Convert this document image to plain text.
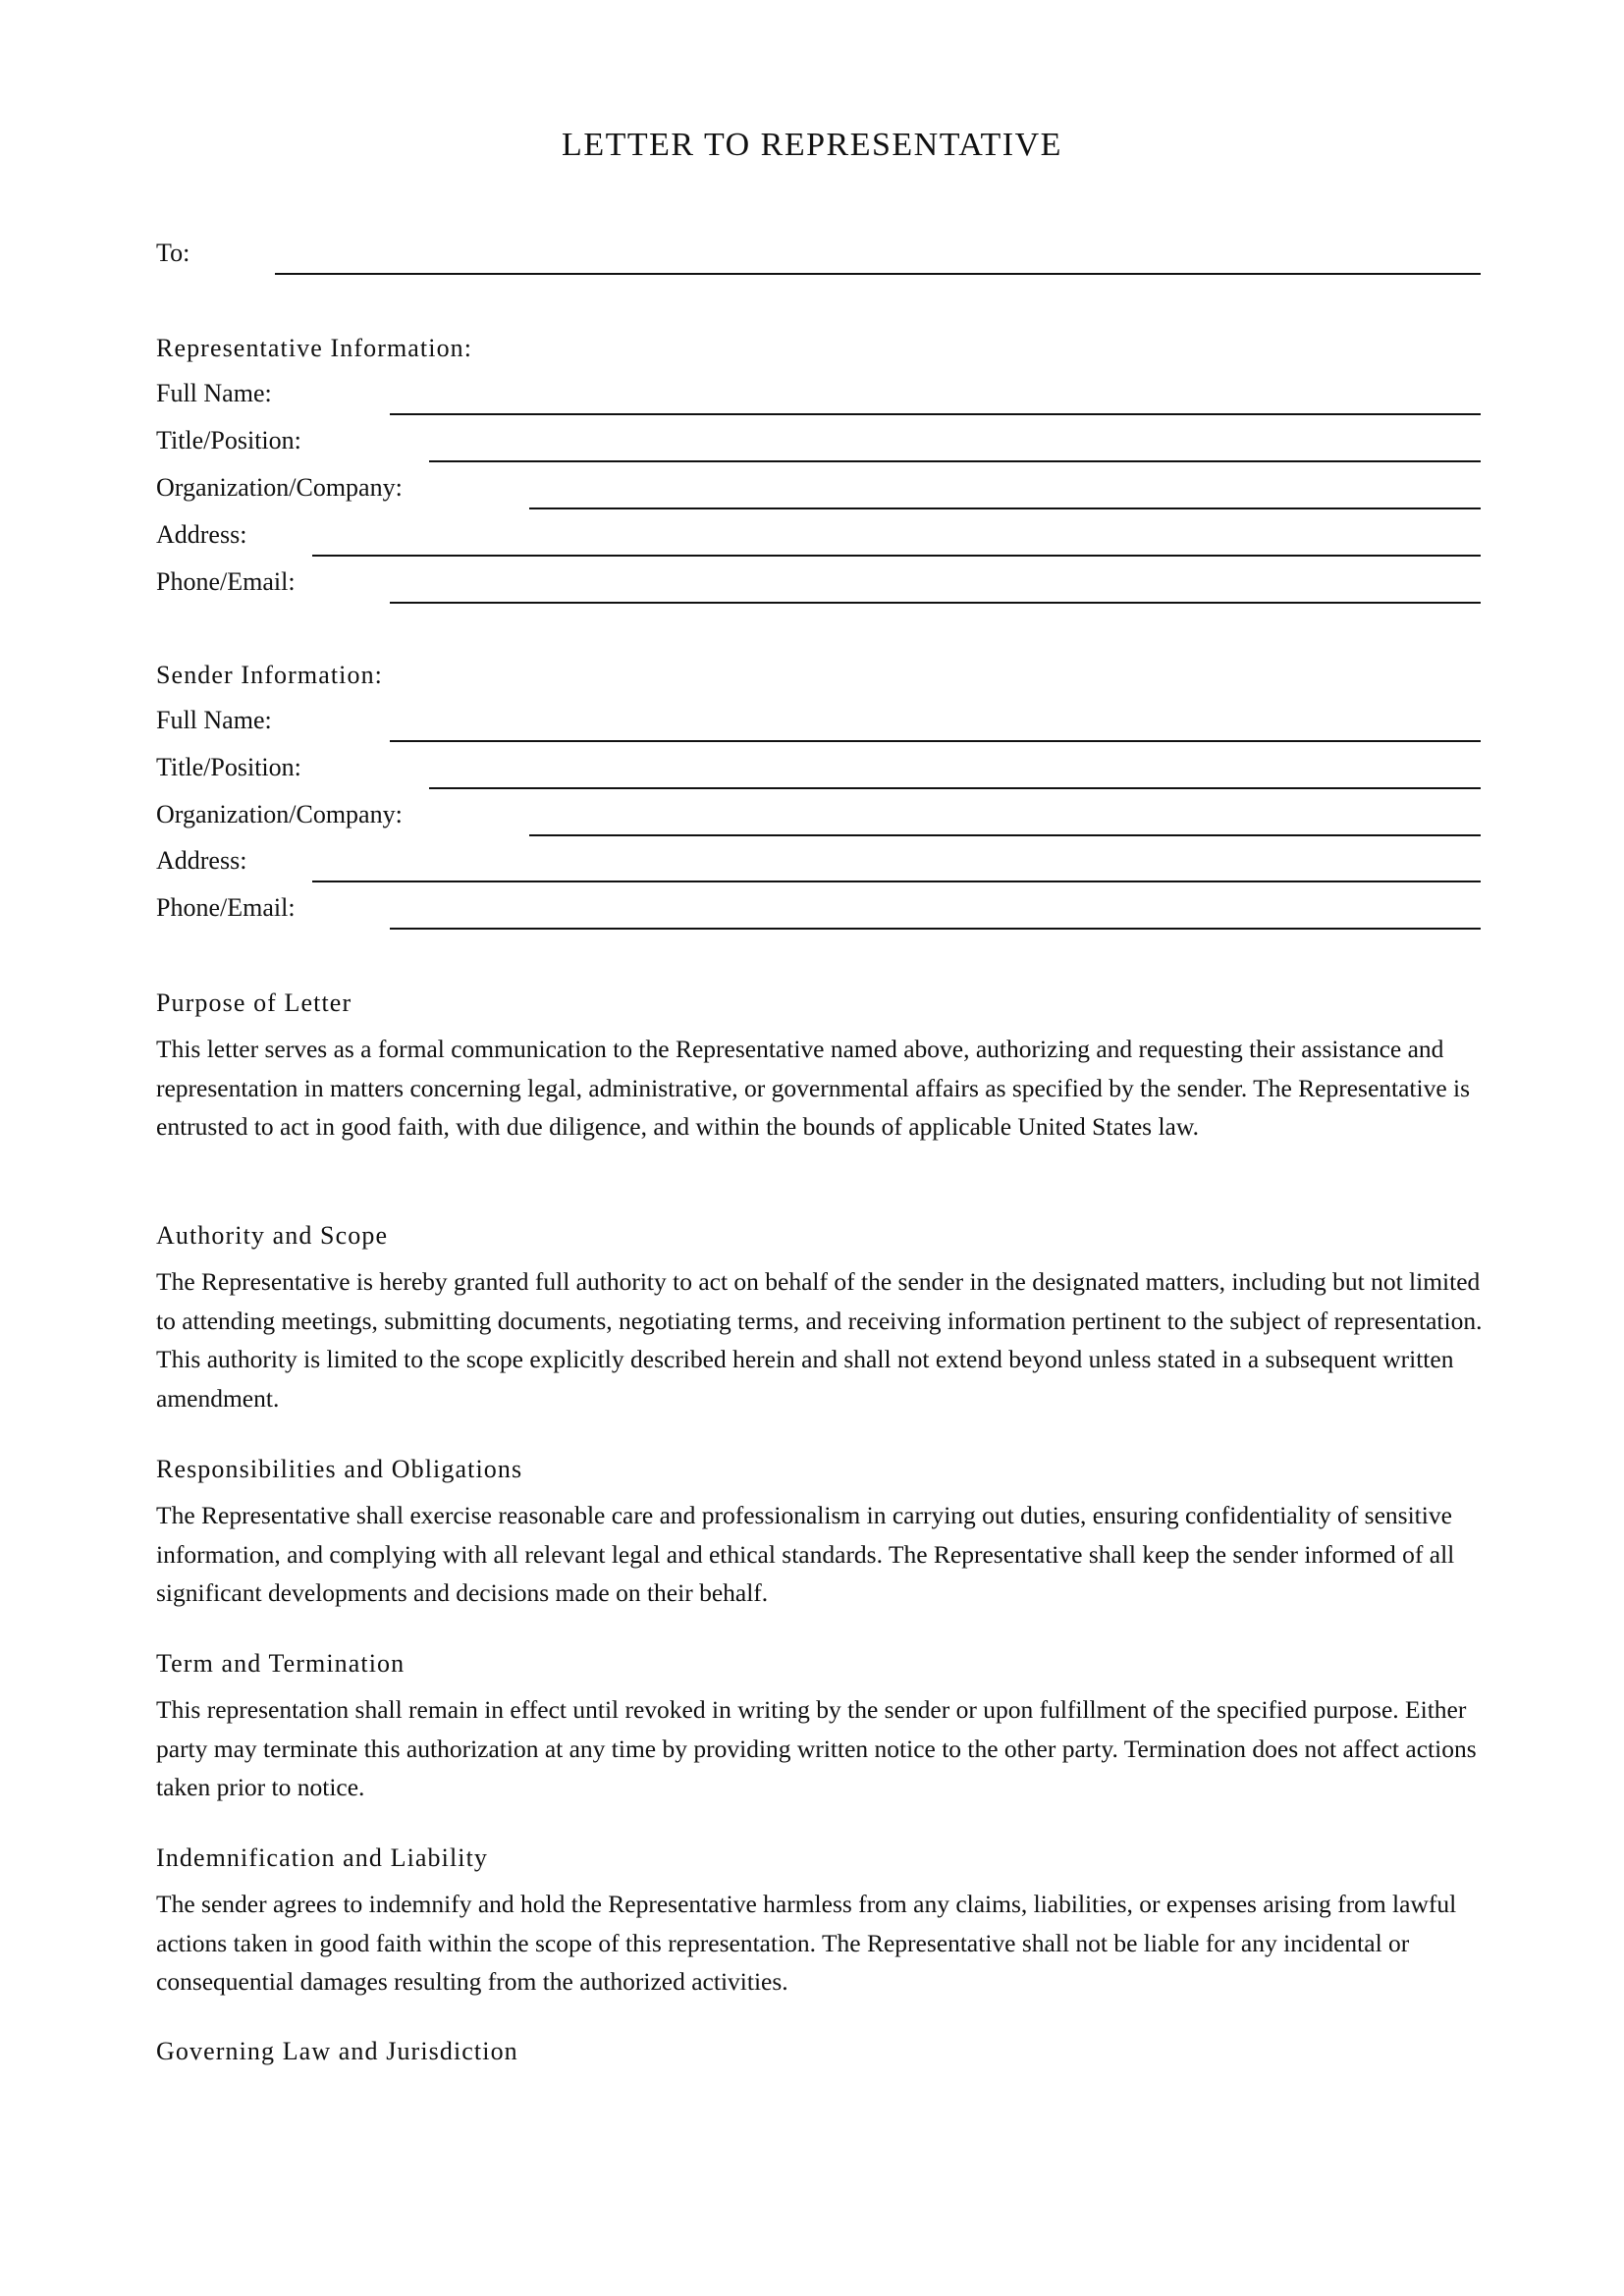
LETTER TO REPRESENTATIVE
To:
Representative Information:
Full Name:
Title/Position:
Organization/Company:
Address:
Phone/Email:
Sender Information:
Full Name:
Title/Position:
Organization/Company:
Address:
Phone/Email:
Purpose of Letter

This letter serves as a formal communication to the Representative named above, authorizing and requesting their assistance and representation in matters concerning legal, administrative, or governmental affairs as specified by the sender. The Representative is entrusted to act in good faith, with due diligence, and within the bounds of applicable United States law.

Authority and Scope

The Representative is hereby granted full authority to act on behalf of the sender in the designated matters, including but not limited to attending meetings, submitting documents, negotiating terms, and receiving information pertinent to the subject of representation. This authority is limited to the scope explicitly described herein and shall not extend beyond unless stated in a subsequent written amendment.

Responsibilities and Obligations

The Representative shall exercise reasonable care and professionalism in carrying out duties, ensuring confidentiality of sensitive information, and complying with all relevant legal and ethical standards. The Representative shall keep the sender informed of all significant developments and decisions made on their behalf.

Term and Termination

This representation shall remain in effect until revoked in writing by the sender or upon fulfillment of the specified purpose. Either party may terminate this authorization at any time by providing written notice to the other party. Termination does not affect actions taken prior to notice.

Indemnification and Liability

The sender agrees to indemnify and hold the Representative harmless from any claims, liabilities, or expenses arising from lawful actions taken in good faith within the scope of this representation. The Representative shall not be liable for any incidental or consequential damages resulting from the authorized activities.

Governing Law and Jurisdiction
